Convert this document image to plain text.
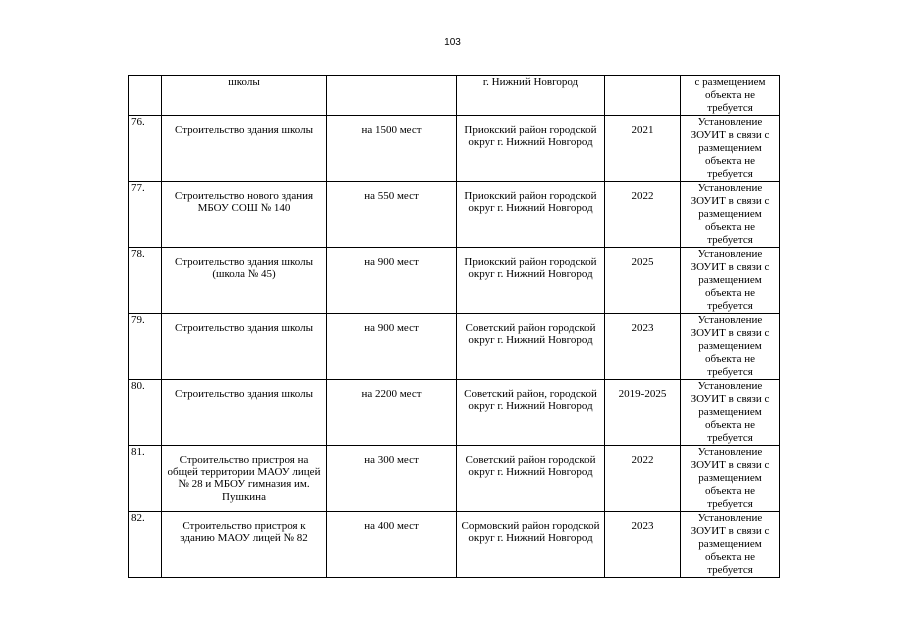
103
	школы		г. Нижний Новгород		с размещением объекта не требуется
76.	Строительство здания школы	на 1500 мест	Приокский район городской округ г. Нижний Новгород	2021	Установление ЗОУИТ в связи с размещением объекта не требуется
77.	Строительство нового здания МБОУ СОШ № 140	на 550 мест	Приокский район городской округ г. Нижний Новгород	2022	Установление ЗОУИТ в связи с размещением объекта не требуется
78.	Строительство здания школы (школа № 45)	на 900 мест	Приокский район городской округ г. Нижний Новгород	2025	Установление ЗОУИТ в связи с размещением объекта не требуется
79.	Строительство здания школы	на 900 мест	Советский район городской округ г. Нижний Новгород	2023	Установление ЗОУИТ в связи с размещением объекта не требуется
80.	Строительство здания школы	на 2200 мест	Советский район, городской округ г. Нижний Новгород	2019-2025	Установление ЗОУИТ в связи с размещением объекта не требуется
81.	Строительство пристроя на общей территории МАОУ лицей № 28 и МБОУ гимназия им. Пушкина	на 300 мест	Советский район городской округ г. Нижний Новгород	2022	Установление ЗОУИТ в связи с размещением объекта не требуется
82.	Строительство пристроя к зданию МАОУ лицей № 82	на 400 мест	Сормовский район городской округ г. Нижний Новгород	2023	Установление ЗОУИТ в связи с размещением объекта не требуется
